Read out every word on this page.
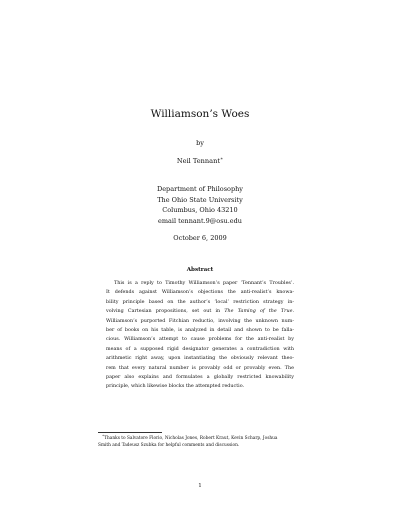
Williamson’s Woes
by
Neil Tennant∗
Department of Philosophy
The Ohio State University
Columbus, Ohio 43210
email tennant.9@osu.edu
October 6, 2009
Abstract
This is a reply to Timothy Williamson’s paper ‘Tennant’s Troubles’.
It defends against Williamson’s objections the anti-realist’s knowa-
bility principle based on the author’s ‘local’ restriction strategy in-
volving Cartesian propositions, set out in The Taming of the True.
Williamson’s purported Fitchian reductio, involving the unknown num-
ber of books on his table, is analyzed in detail and shown to be falla-
cious. Williamson’s attempt to cause problems for the anti-realist by
means of a supposed rigid designator generates a contradiction with
arithmetic right away, upon instantiating the obviously relevant theo-
rem that every natural number is provably odd or provably even. The
paper also explains and formulates a globally restricted knowability
principle, which likewise blocks the attempted reductio.
∗Thanks to Salvatore Florio, Nicholas Jones, Robert Kraut, Kevin Scharp, Joshua
Smith and Tadeusz Szubka for helpful comments and discussion.
1
